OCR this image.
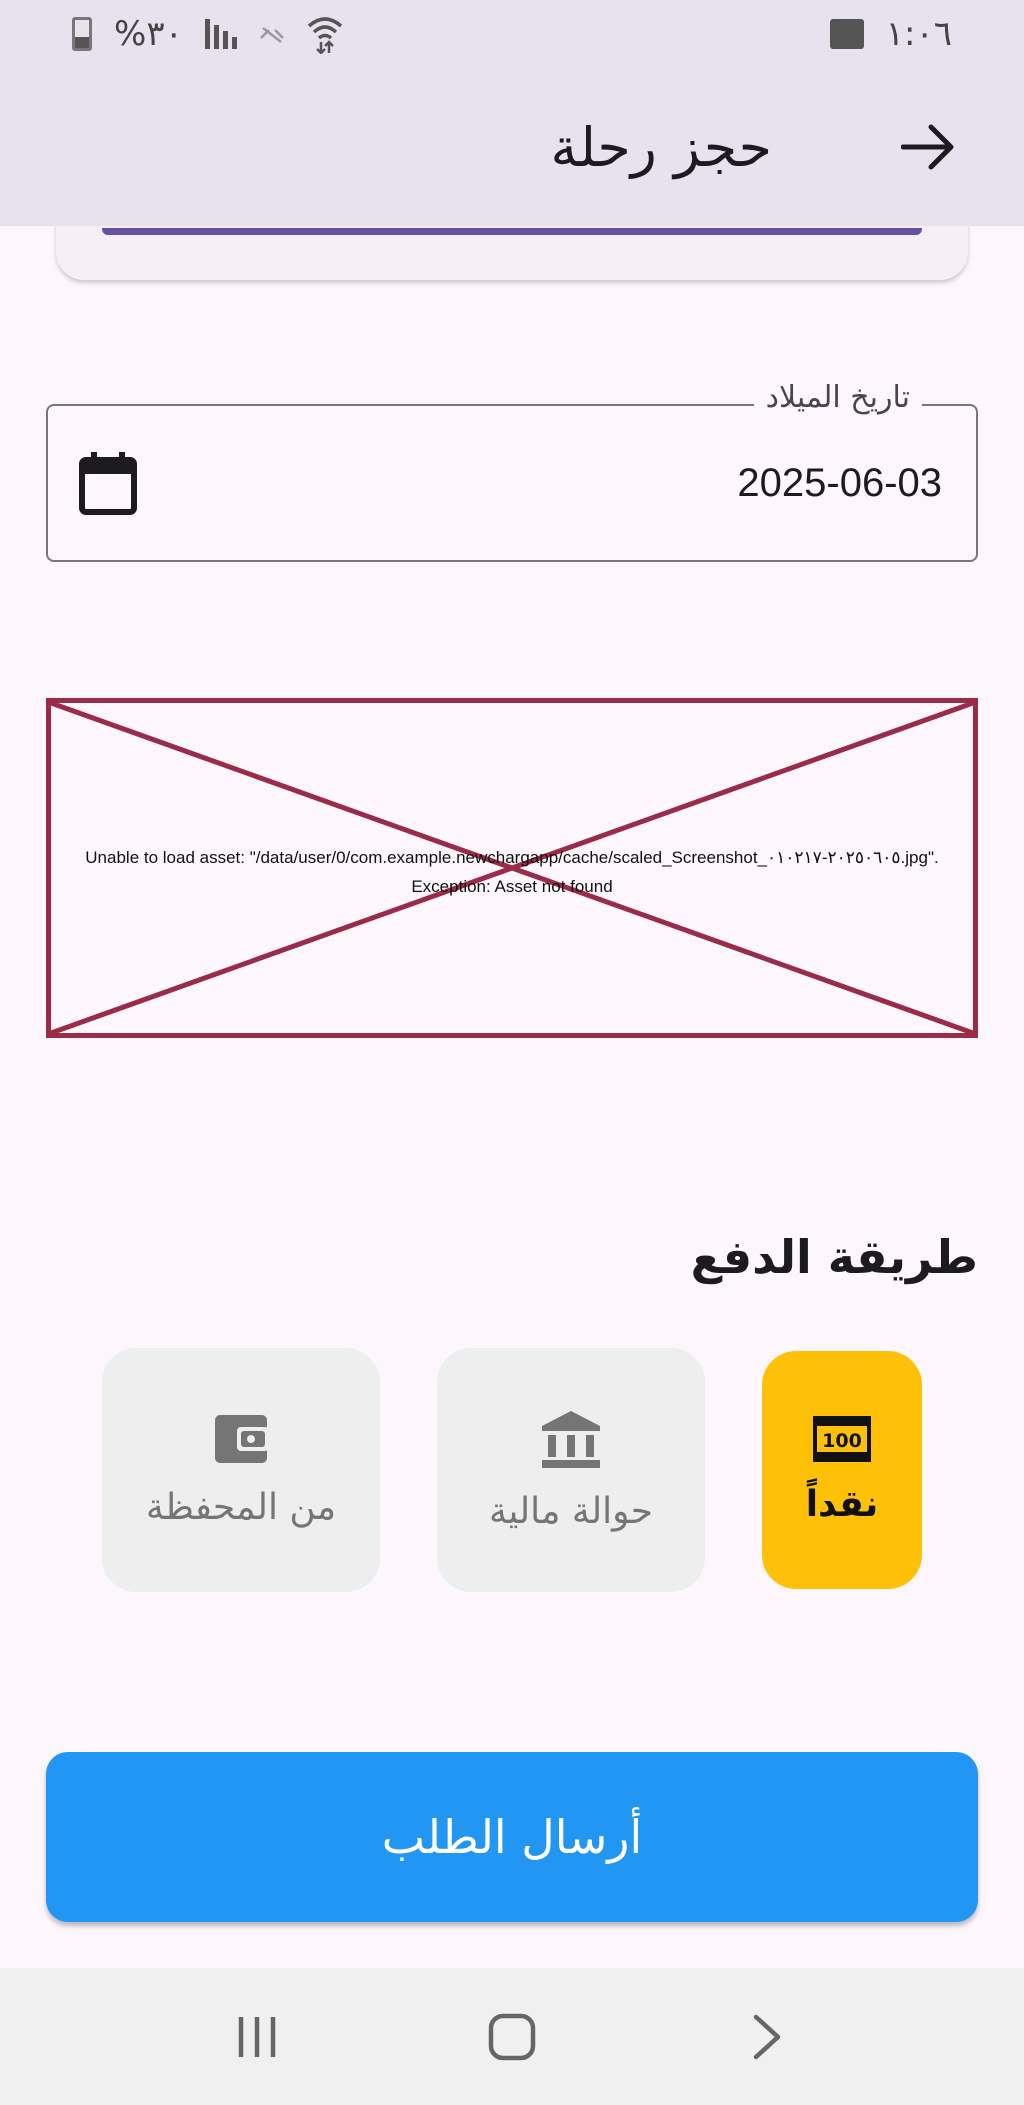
%٣٠	١:٠٦
حجز رحلة
تاريخ الميلاد
2025-06-03
Unable to load asset: "/data/user/0/com.example.newchargapp/cache/scaled_Screenshot_٢٠٢٥٠٦٠٥-٠١٠٢١٧.jpg".
Exception: Asset not found
طريقة الدفع
100
نقداً
حوالة مالية
من المحفظة
أرسال الطلب
